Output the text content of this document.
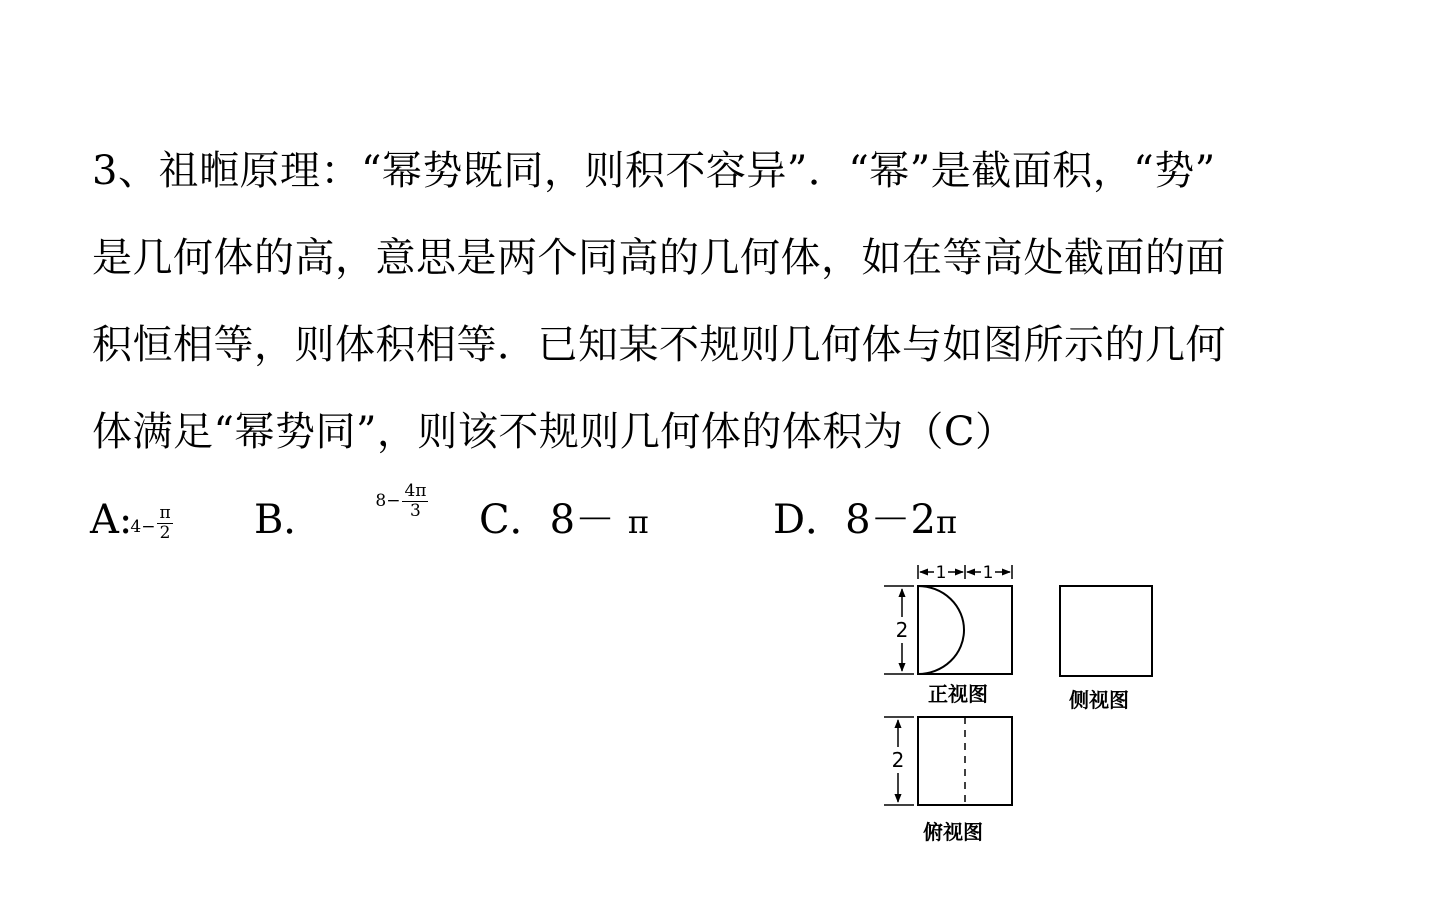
3、祖暅原理：“幂势既同，则积不容异”．“幂”是截面积，“势”
是几何体的高，意思是两个同高的几何体，如在等高处截面的面
积恒相等，则体积相等．已知某不规则几何体与如图所示的几何
体满足“幂势同”，则该不规则几何体的体积为（C）
A:4− $\frac{\pi}{2}$ B．	$8- \frac{4\pi}{3}$ C．8－ π	D．8－2π
1 1
2
正视图	侧视图
2
俯视图
